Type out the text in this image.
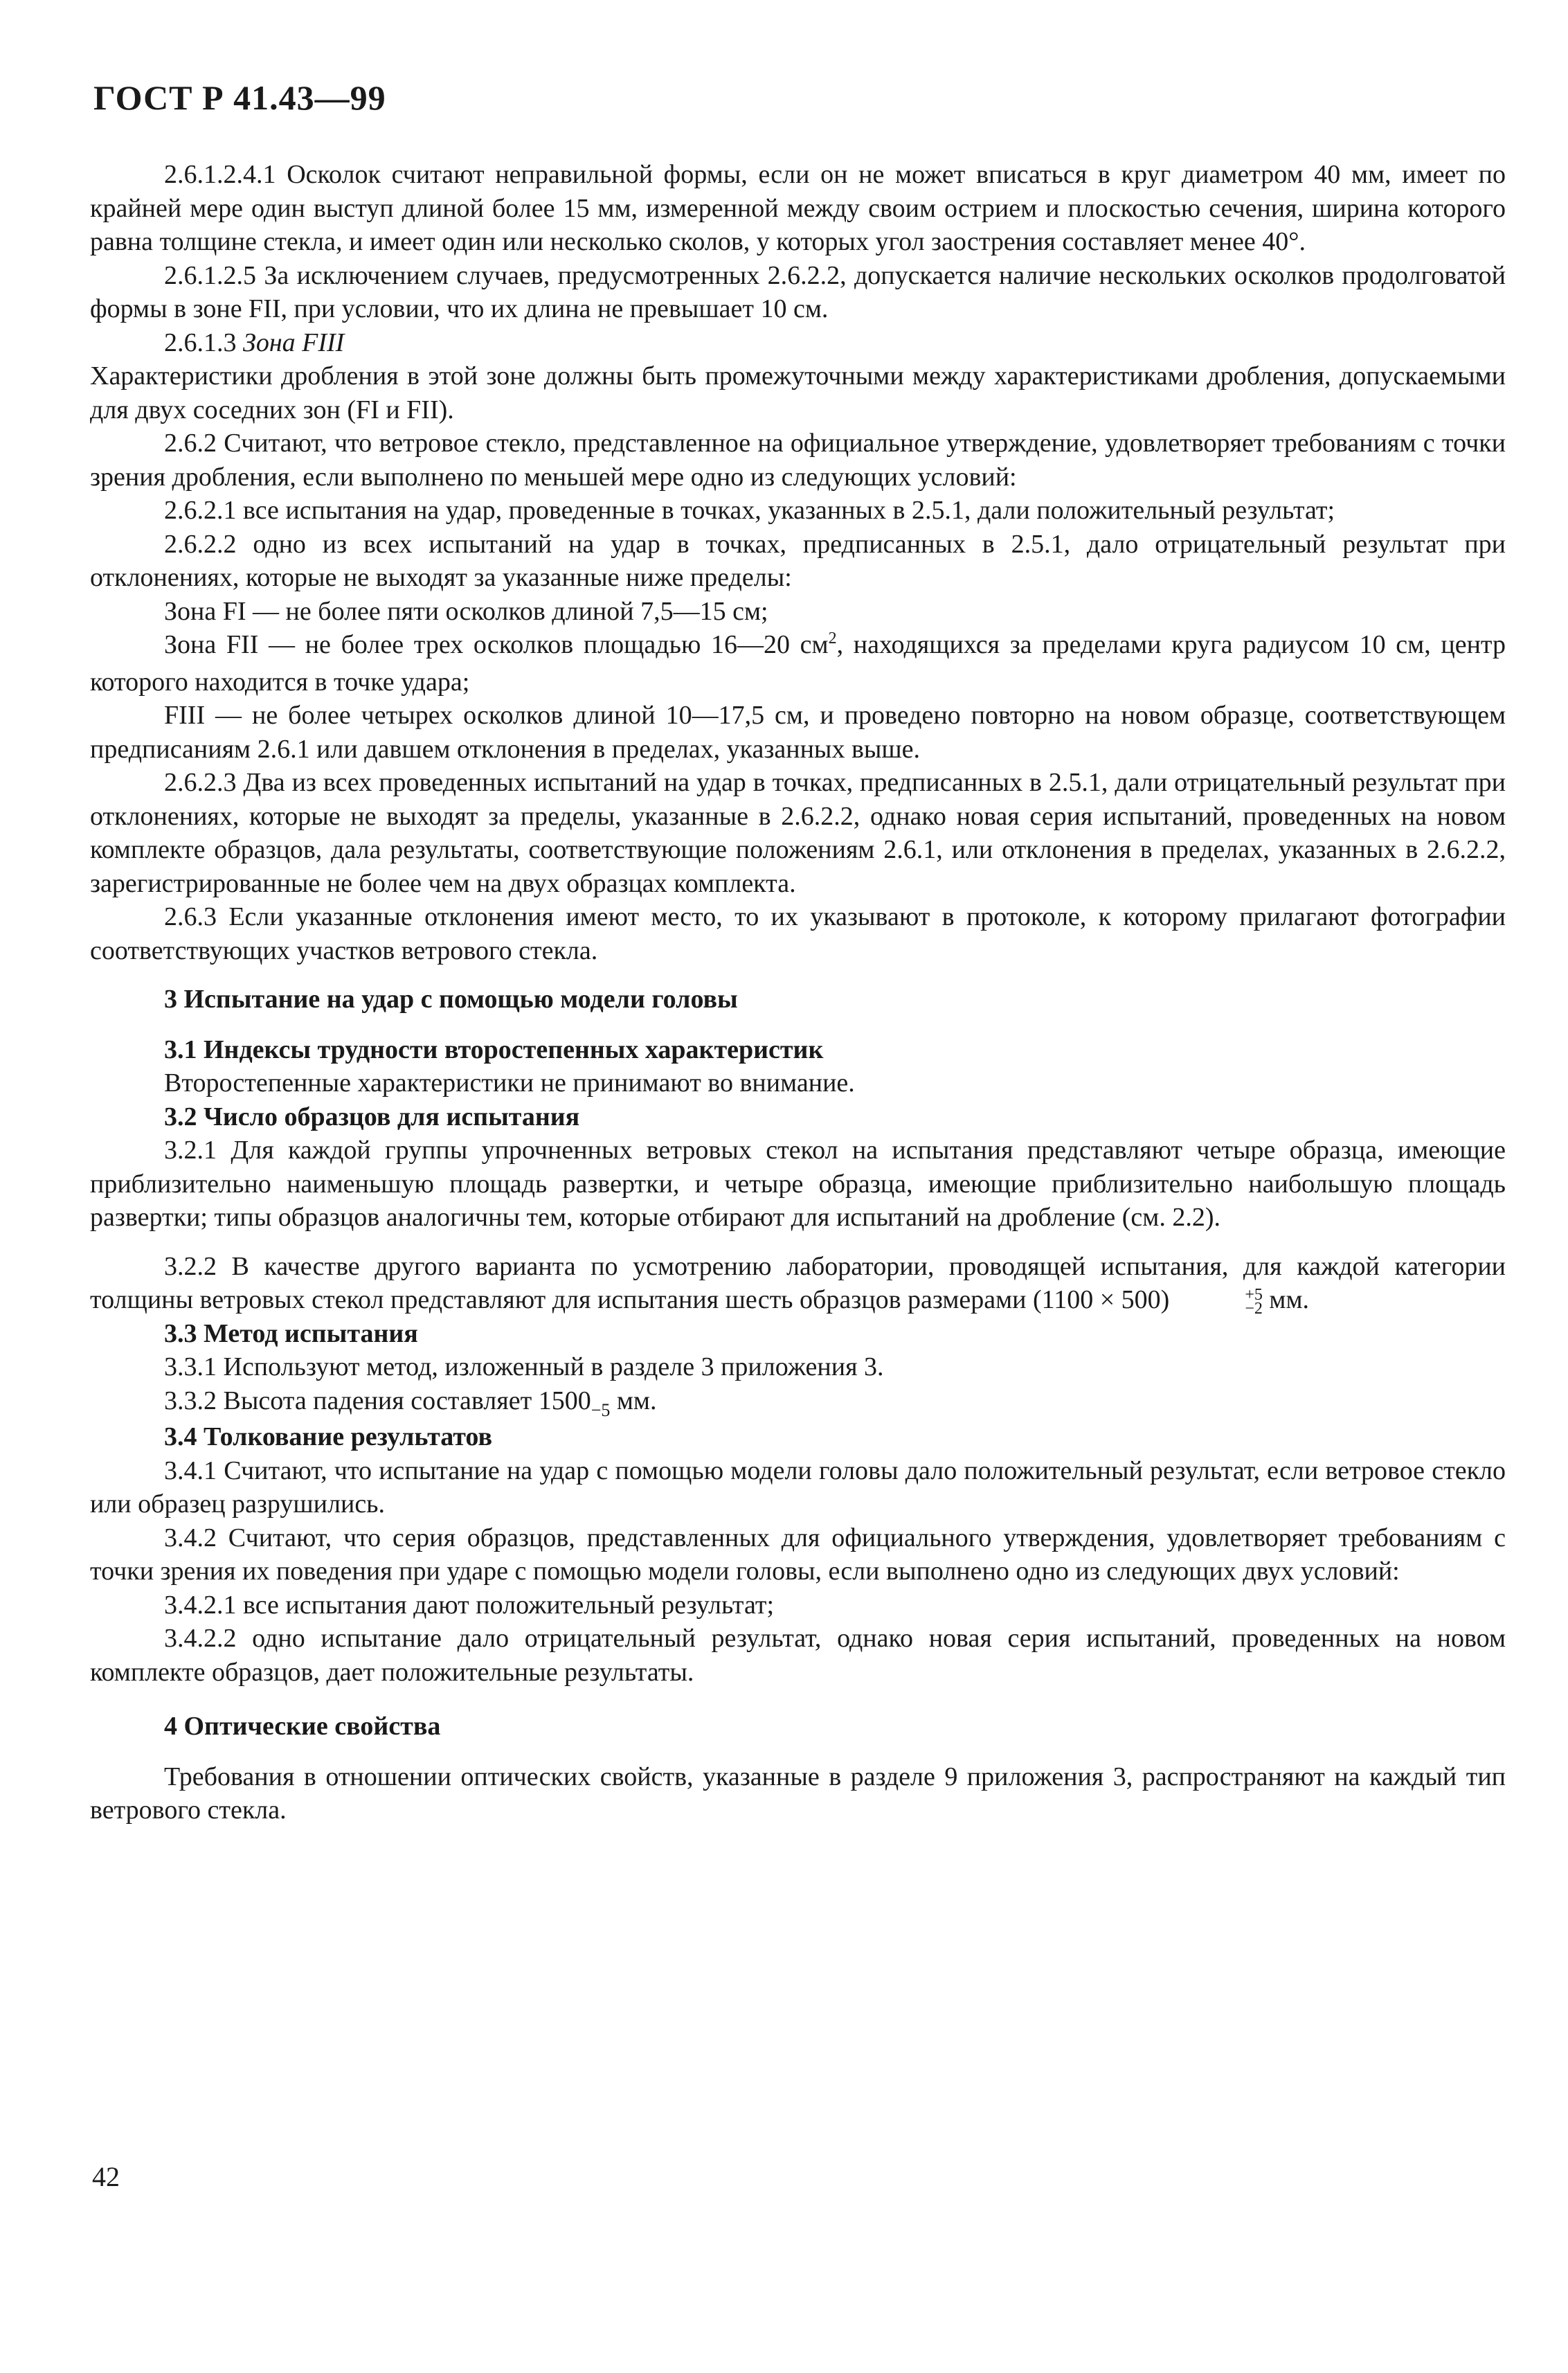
ГОСТ Р 41.43—99

2.6.1.2.4.1 Осколок считают неправильной формы, если он не может вписаться в круг диаметром 40 мм, имеет по крайней мере один выступ длиной более 15 мм, измеренной между своим острием и плоскостью сечения, ширина которого равна толщине стекла, и имеет один или несколько сколов, у которых угол заострения составляет менее 40°.

2.6.1.2.5 За исключением случаев, предусмотренных 2.6.2.2, допускается наличие нескольких осколков продолговатой формы в зоне FII, при условии, что их длина не превышает 10 см.

2.6.1.3 Зона FIII

Характеристики дробления в этой зоне должны быть промежуточными между характеристиками дробления, допускаемыми для двух соседних зон (FI и FII).

2.6.2 Считают, что ветровое стекло, представленное на официальное утверждение, удовлетворяет требованиям с точки зрения дробления, если выполнено по меньшей мере одно из следующих условий:

2.6.2.1 все испытания на удар, проведенные в точках, указанных в 2.5.1, дали положительный результат;

2.6.2.2 одно из всех испытаний на удар в точках, предписанных в 2.5.1, дало отрицательный результат при отклонениях, которые не выходят за указанные ниже пределы:

Зона FI — не более пяти осколков длиной 7,5—15 см;

Зона FII — не более трех осколков площадью 16—20 $см^2$, находящихся за пределами круга радиусом 10 см, центр которого находится в точке удара;

FIII — не более четырех осколков длиной 10—17,5 см, и проведено повторно на новом образце, соответствующем предписаниям 2.6.1 или давшем отклонения в пределах, указанных выше.

2.6.2.3 Два из всех проведенных испытаний на удар в точках, предписанных в 2.5.1, дали отрицательный результат при отклонениях, которые не выходят за пределы, указанные в 2.6.2.2, однако новая серия испытаний, проведенных на новом комплекте образцов, дала результаты, соответствующие положениям 2.6.1, или отклонения в пределах, указанных в 2.6.2.2, зарегистрированные не более чем на двух образцах комплекта.

2.6.3 Если указанные отклонения имеют место, то их указывают в протоколе, к которому прилагают фотографии соответствующих участков ветрового стекла.

3 Испытание на удар с помощью модели головы

3.1 Индексы трудности второстепенных характеристик

Второстепенные характеристики не принимают во внимание.

3.2 Число образцов для испытания

3.2.1 Для каждой группы упрочненных ветровых стекол на испытания представляют четыре образца, имеющие приблизительно наименьшую площадь развертки, и четыре образца, имеющие приблизительно наибольшую площадь развертки; типы образцов аналогичны тем, которые отбирают для испытаний на дробление (см. 2.2).

3.2.2 В качестве другого варианта по усмотрению лаборатории, проводящей испытания, для каждой категории толщины ветровых стекол представляют для испытания шесть образцов размерами (1100 × 500)	+5
−2 мм.

3.3 Метод испытания

3.3.1 Используют метод, изложенный в разделе 3 приложения 3.

3.3.2 Высота падения составляет $1500_{-5}$ мм.

3.4 Толкование результатов

3.4.1 Считают, что испытание на удар с помощью модели головы дало положительный результат, если ветровое стекло или образец разрушились.

3.4.2 Считают, что серия образцов, представленных для официального утверждения, удовлетворяет требованиям с точки зрения их поведения при ударе с помощью модели головы, если выполнено одно из следующих двух условий:

3.4.2.1 все испытания дают положительный результат;

3.4.2.2 одно испытание дало отрицательный результат, однако новая серия испытаний, проведенных на новом комплекте образцов, дает положительные результаты.

4 Оптические свойства

Требования в отношении оптических свойств, указанные в разделе 9 приложения 3, распространяют на каждый тип ветрового стекла.

42
